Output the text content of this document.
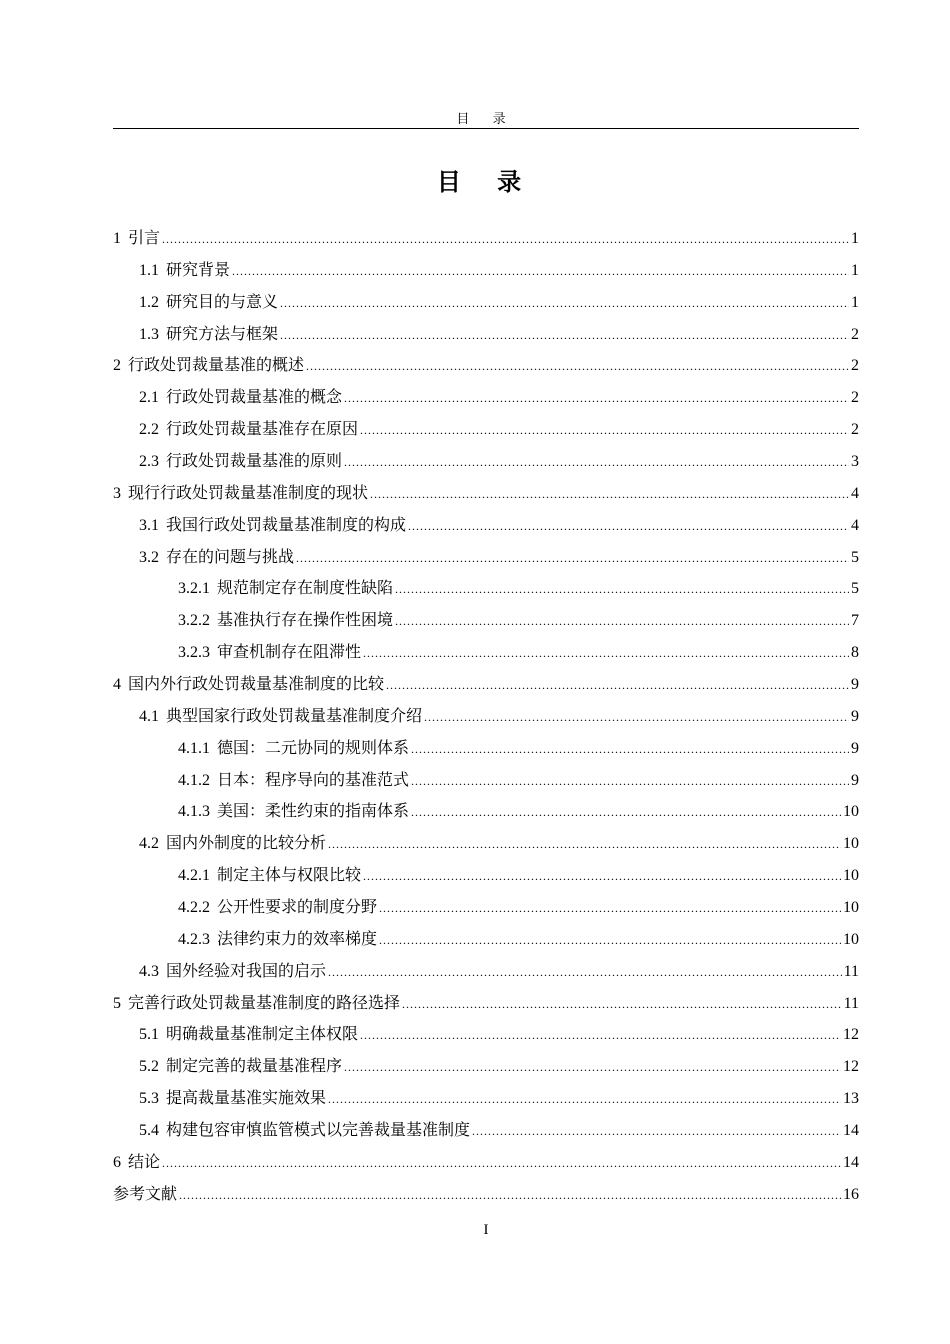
目 录
目 录
1 引言 .....	1
1.1 研究背景 .....	1
1.2 研究目的与意义 .....	1
1.3 研究方法与框架 .....	2
2 行政处罚裁量基准的概述 .....	2
2.1 行政处罚裁量基准的概念 .....	2
2.2 行政处罚裁量基准存在原因 .....	2
2.3 行政处罚裁量基准的原则 .....	3
3 现行行政处罚裁量基准制度的现状 .....	4
3.1 我国行政处罚裁量基准制度的构成 .....	4
3.2 存在的问题与挑战 .....	5
3.2.1 规范制定存在制度性缺陷 .....	5
3.2.2 基准执行存在操作性困境 .....	7
3.2.3 审查机制存在阻滞性 .....	8
4 国内外行政处罚裁量基准制度的比较 .....	9
4.1 典型国家行政处罚裁量基准制度介绍 .....	9
4.1.1 德国：二元协同的规则体系 .....	9
4.1.2 日本：程序导向的基准范式 .....	9
4.1.3 美国：柔性约束的指南体系 .....	10
4.2 国内外制度的比较分析 .....	10
4.2.1 制定主体与权限比较 .....	10
4.2.2 公开性要求的制度分野 .....	10
4.2.3 法律约束力的效率梯度 .....	10
4.3 国外经验对我国的启示 .....	11
5 完善行政处罚裁量基准制度的路径选择 .....	11
5.1 明确裁量基准制定主体权限 .....	12
5.2 制定完善的裁量基准程序 .....	12
5.3 提高裁量基准实施效果 .....	13
5.4 构建包容审慎监管模式以完善裁量基准制度 .....	14
6 结论 .....	14
参考文献 .....	16
I
